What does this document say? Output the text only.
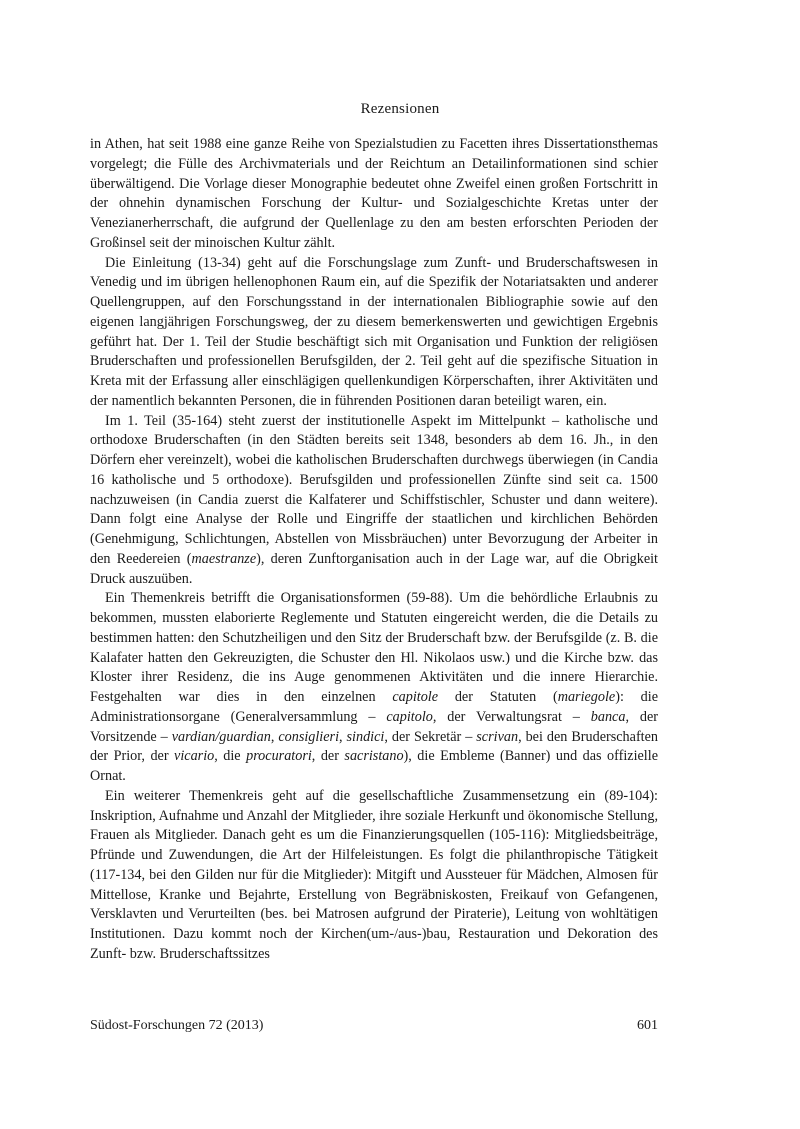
Rezensionen

in Athen, hat seit 1988 eine ganze Reihe von Spezialstudien zu Facetten ihres Dissertationsthemas vorgelegt; die Fülle des Archivmaterials und der Reichtum an Detailinformationen sind schier überwältigend. Die Vorlage dieser Monographie bedeutet ohne Zweifel einen großen Fortschritt in der ohnehin dynamischen Forschung der Kultur- und Sozialgeschichte Kretas unter der Venezianerherrschaft, die aufgrund der Quellenlage zu den am besten erforschten Perioden der Großinsel seit der minoischen Kultur zählt.

Die Einleitung (13-34) geht auf die Forschungslage zum Zunft- und Bruderschaftswesen in Venedig und im übrigen hellenophonen Raum ein, auf die Spezifik der Notariatsakten und anderer Quellengruppen, auf den Forschungsstand in der internationalen Bibliographie sowie auf den eigenen langjährigen Forschungsweg, der zu diesem bemerkenswerten und gewichtigen Ergebnis geführt hat. Der 1. Teil der Studie beschäftigt sich mit Organisation und Funktion der religiösen Bruderschaften und professionellen Berufsgilden, der 2. Teil geht auf die spezifische Situation in Kreta mit der Erfassung aller einschlägigen quellenkundigen Körperschaften, ihrer Aktivitäten und der namentlich bekannten Personen, die in führenden Positionen daran beteiligt waren, ein.

Im 1. Teil (35-164) steht zuerst der institutionelle Aspekt im Mittelpunkt – katholische und orthodoxe Bruderschaften (in den Städten bereits seit 1348, besonders ab dem 16. Jh., in den Dörfern eher vereinzelt), wobei die katholischen Bruderschaften durchwegs überwiegen (in Candia 16 katholische und 5 orthodoxe). Berufsgilden und professionellen Zünfte sind seit ca. 1500 nachzuweisen (in Candia zuerst die Kalfaterer und Schiffstischler, Schuster und dann weitere). Dann folgt eine Analyse der Rolle und Eingriffe der staatlichen und kirchlichen Behörden (Genehmigung, Schlichtungen, Abstellen von Missbräuchen) unter Bevorzugung der Arbeiter in den Reedereien (maestranze), deren Zunftorganisation auch in der Lage war, auf die Obrigkeit Druck auszuüben.

Ein Themenkreis betrifft die Organisationsformen (59-88). Um die behördliche Erlaubnis zu bekommen, mussten elaborierte Reglemente und Statuten eingereicht werden, die die Details zu bestimmen hatten: den Schutzheiligen und den Sitz der Bruderschaft bzw. der Berufsgilde (z. B. die Kalafater hatten den Gekreuzigten, die Schuster den Hl. Nikolaos usw.) und die Kirche bzw. das Kloster ihrer Residenz, die ins Auge genommenen Aktivitäten und die innere Hierarchie. Festgehalten war dies in den einzelnen capitole der Statuten (mariegole): die Administrationsorgane (Generalversammlung – capitolo, der Verwaltungsrat – banca, der Vorsitzende – vardian/guardian, consiglieri, sindici, der Sekretär – scrivan, bei den Bruderschaften der Prior, der vicario, die procuratori, der sacristano), die Embleme (Banner) und das offizielle Ornat.

Ein weiterer Themenkreis geht auf die gesellschaftliche Zusammensetzung ein (89-104): Inskription, Aufnahme und Anzahl der Mitglieder, ihre soziale Herkunft und ökonomische Stellung, Frauen als Mitglieder. Danach geht es um die Finanzierungsquellen (105-116): Mitgliedsbeiträge, Pfründe und Zuwendungen, die Art der Hilfeleistungen. Es folgt die philanthropische Tätigkeit (117-134, bei den Gilden nur für die Mitglieder): Mitgift und Aussteuer für Mädchen, Almosen für Mittellose, Kranke und Bejahrte, Erstellung von Begräbniskosten, Freikauf von Gefangenen, Versklavten und Verurteilten (bes. bei Matrosen aufgrund der Piraterie), Leitung von wohltätigen Institutionen. Dazu kommt noch der Kirchen(um-/aus-)bau, Restauration und Dekoration des Zunft- bzw. Bruderschaftssitzes

Südost-Forschungen 72 (2013)	601
